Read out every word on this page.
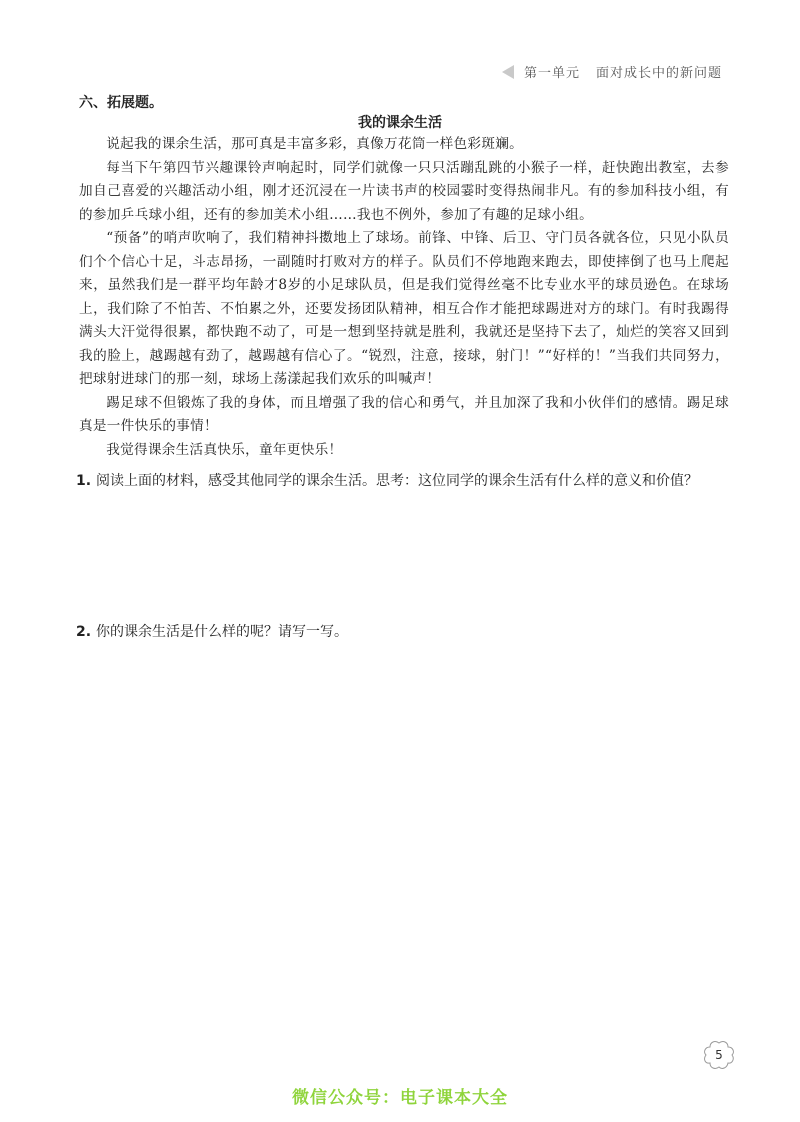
第一单元 面对成长中的新问题
六、拓展题。
我的课余生活

说起我的课余生活，那可真是丰富多彩，真像万花筒一样色彩斑斓。

每当下午第四节兴趣课铃声响起时，同学们就像一只只活蹦乱跳的小猴子一样，赶快跑出教室，去参加自己喜爱的兴趣活动小组，刚才还沉浸在一片读书声的校园霎时变得热闹非凡。有的参加科技小组，有的参加乒乓球小组，还有的参加美术小组……我也不例外，参加了有趣的足球小组。

“预备”的哨声吹响了，我们精神抖擞地上了球场。前锋、中锋、后卫、守门员各就各位，只见小队员们个个信心十足，斗志昂扬，一副随时打败对方的样子。队员们不停地跑来跑去，即使摔倒了也马上爬起来，虽然我们是一群平均年龄才8岁的小足球队员，但是我们觉得丝毫不比专业水平的球员逊色。在球场上，我们除了不怕苦、不怕累之外，还要发扬团队精神，相互合作才能把球踢进对方的球门。有时我踢得满头大汗觉得很累，都快跑不动了，可是一想到坚持就是胜利，我就还是坚持下去了，灿烂的笑容又回到我的脸上，越踢越有劲了，越踢越有信心了。“锐烈，注意，接球，射门！”“好样的！”当我们共同努力，把球射进球门的那一刻，球场上荡漾起我们欢乐的叫喊声！

踢足球不但锻炼了我的身体，而且增强了我的信心和勇气，并且加深了我和小伙伴们的感情。踢足球真是一件快乐的事情！

我觉得课余生活真快乐，童年更快乐！

1. 阅读上面的材料，感受其他同学的课余生活。思考：这位同学的课余生活有什么样的意义和价值？
2. 你的课余生活是什么样的呢？请写一写。
5
微信公众号：电子课本大全
